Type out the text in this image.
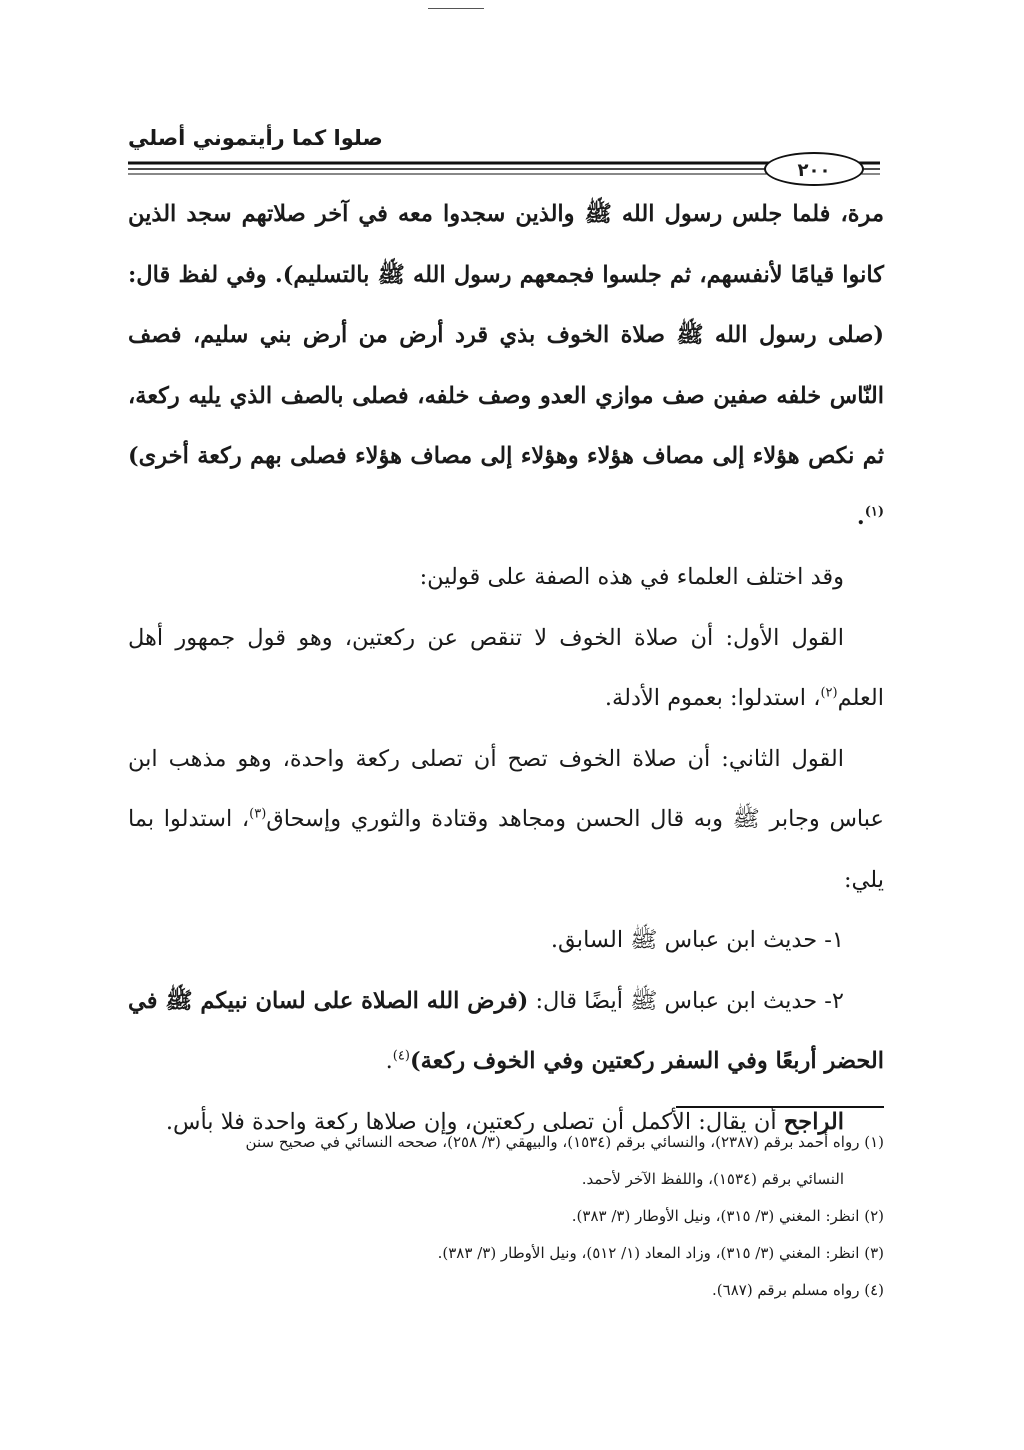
صلوا كما رأيتموني أصلي
٢٠٠

مرة، فلما جلس رسول الله ﷺ والذين سجدوا معه في آخر صلاتهم سجد الذين كانوا قيامًا لأنفسهم، ثم جلسوا فجمعهم رسول الله ﷺ بالتسليم). وفي لفظ قال: (صلى رسول الله ﷺ صلاة الخوف بذي قرد أرض من أرض بني سليم، فصف النّاس خلفه صفين صف موازي العدو وصف خلفه، فصلى بالصف الذي يليه ركعة، ثم نكص هؤلاء إلى مصاف هؤلاء وهؤلاء إلى مصاف هؤلاء فصلى بهم ركعة أخرى)$^{(١)}$.

وقد اختلف العلماء في هذه الصفة على قولين:

القول الأول: أن صلاة الخوف لا تنقص عن ركعتين، وهو قول جمهور أهل العلم$^{(٢)}$، استدلوا: بعموم الأدلة.

القول الثاني: أن صلاة الخوف تصح أن تصلى ركعة واحدة، وهو مذهب ابن عباس وجابر ﷺ وبه قال الحسن ومجاهد وقتادة والثوري وإسحاق$^{(٣)}$، استدلوا بما يلي:

١- حديث ابن عباس ﷺ السابق.

٢- حديث ابن عباس ﷺ أيضًا قال: (فرض الله الصلاة على لسان نبيكم ﷺ في الحضر أربعًا وفي السفر ركعتين وفي الخوف ركعة)$^{(٤)}$.

الراجح أن يقال: الأكمل أن تصلى ركعتين، وإن صلاها ركعة واحدة فلا بأس.

(١) رواه أحمد برقم (٢٣٨٧)، والنسائي برقم (١٥٣٤)، والبيهقي (٣/ ٢٥٨)، صححه النسائي في صحيح سنن

النسائي برقم (١٥٣٤)، واللفظ الآخر لأحمد.

(٢) انظر: المغني (٣/ ٣١٥)، ونيل الأوطار (٣/ ٣٨٣).

(٣) انظر: المغني (٣/ ٣١٥)، وزاد المعاد (١/ ٥١٢)، ونيل الأوطار (٣/ ٣٨٣).

(٤) رواه مسلم برقم (٦٨٧).
